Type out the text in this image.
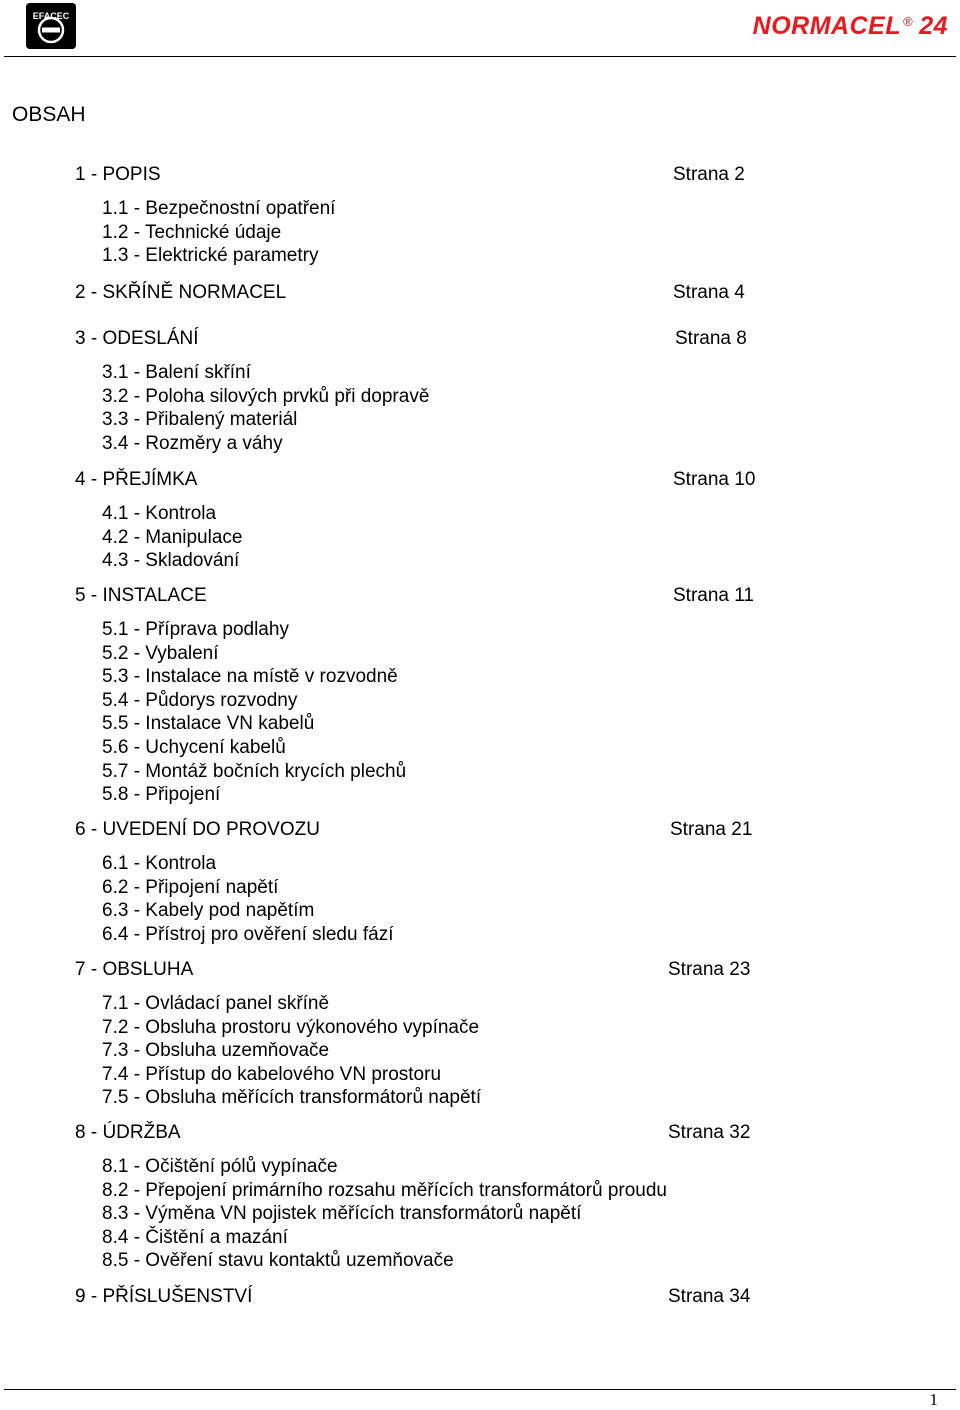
EFACEC	NORMACEL ® 24
OBSAH
1 - POPIS	Strana 2
1.1 - Bezpečnostní opatření
1.2 - Technické údaje
1.3 - Elektrické parametry
2 - SKŘÍNĚ NORMACEL	Strana 4
3 - ODESLÁNÍ	Strana 8
3.1 - Balení skříní
3.2 - Poloha silových prvků při dopravě
3.3 - Přibalený materiál
3.4 - Rozměry a váhy
4 - PŘEJÍMKA	Strana 10
4.1 - Kontrola
4.2 - Manipulace
4.3 - Skladování
5 - INSTALACE	Strana 11
5.1 - Příprava podlahy
5.2 - Vybalení
5.3 - Instalace na místě v rozvodně
5.4 - Půdorys rozvodny
5.5 - Instalace VN kabelů
5.6 - Uchycení kabelů
5.7 - Montáž bočních krycích plechů
5.8 - Připojení
6 - UVEDENÍ DO PROVOZU	Strana 21
6.1 - Kontrola
6.2 - Připojení napětí
6.3 - Kabely pod napětím
6.4 - Přístroj pro ověření sledu fází
7 - OBSLUHA	Strana 23
7.1 - Ovládací panel skříně
7.2 - Obsluha prostoru výkonového vypínače
7.3 - Obsluha uzemňovače
7.4 - Přístup do kabelového VN prostoru
7.5 - Obsluha měřících transformátorů napětí
8 - ÚDRŽBA	Strana 32
8.1 - Očištění pólů vypínače
8.2 - Přepojení primárního rozsahu měřících transformátorů proudu
8.3 - Výměna VN pojistek měřících transformátorů napětí
8.4 - Čištění a mazání
8.5 - Ověření stavu kontaktů uzemňovače
9 - PŘÍSLUŠENSTVÍ	Strana 34
1
